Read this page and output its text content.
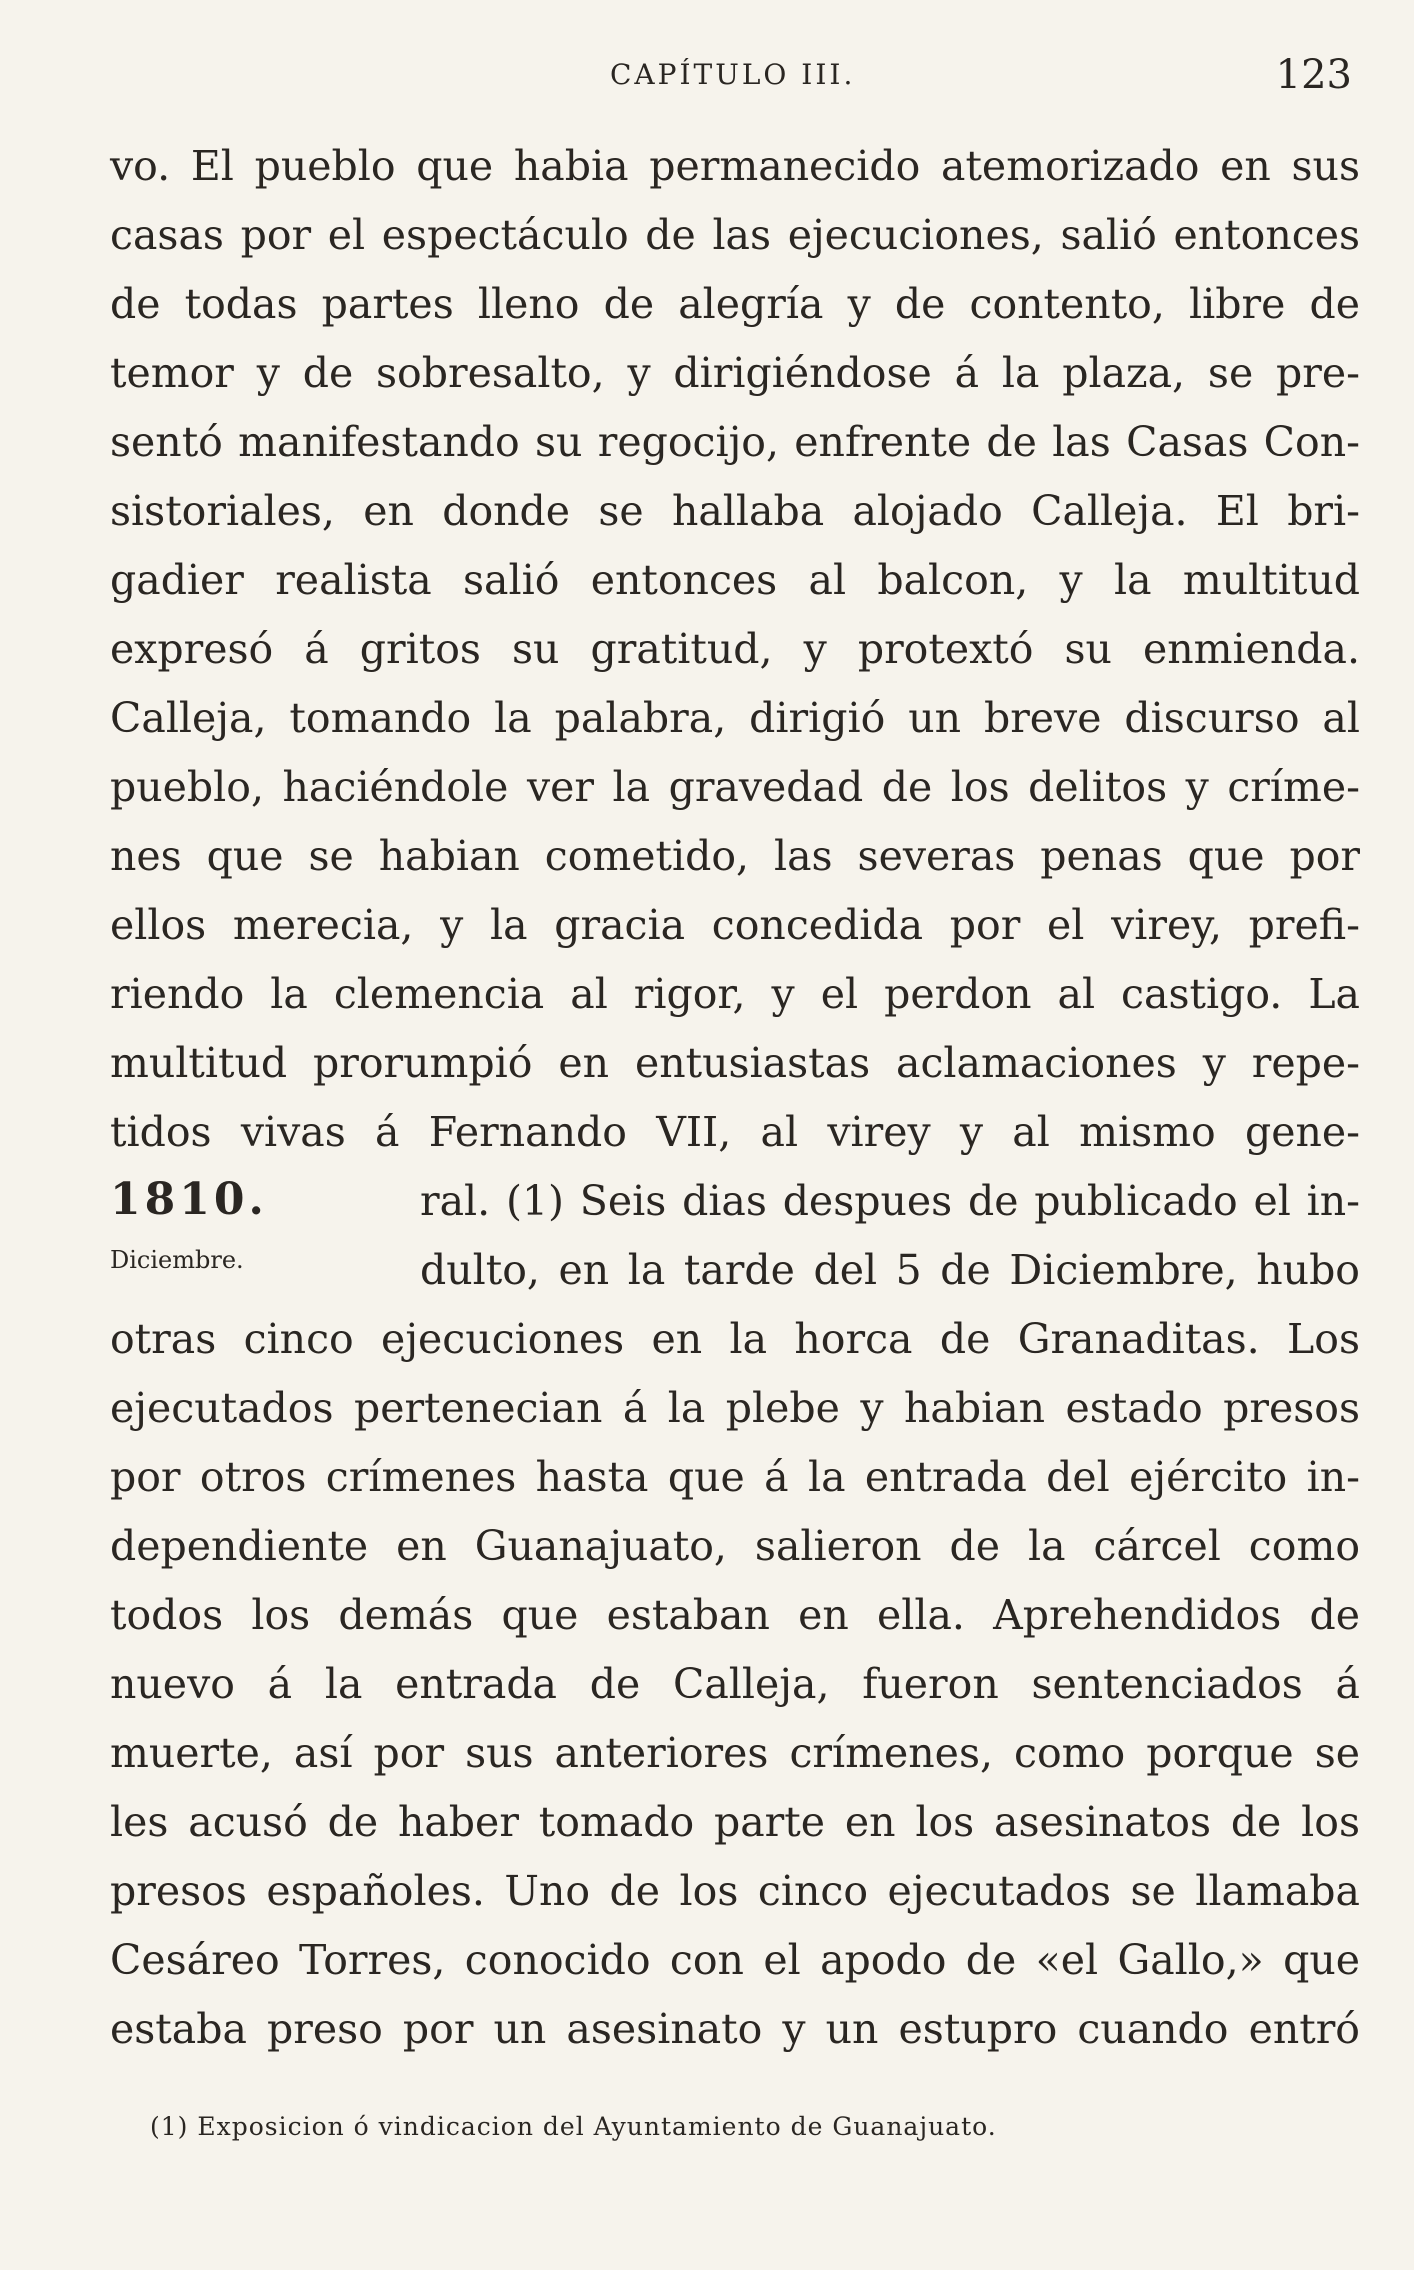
CAPÍTULO III.	123
1810.
Diciembre.
vo. El pueblo que habia permanecido atemorizado en sus
casas por el espectáculo de las ejecuciones, salió entonces
de todas partes lleno de alegría y de contento, libre de
temor y de sobresalto, y dirigiéndose á la plaza, se pre-
sentó manifestando su regocijo, enfrente de las Casas Con-
sistoriales, en donde se hallaba alojado Calleja. El bri-
gadier realista salió entonces al balcon, y la multitud
expresó á gritos su gratitud, y protextó su enmienda.
Calleja, tomando la palabra, dirigió un breve discurso al
pueblo, haciéndole ver la gravedad de los delitos y críme-
nes que se habian cometido, las severas penas que por
ellos merecia, y la gracia concedida por el virey, prefi-
riendo la clemencia al rigor, y el perdon al castigo. La
multitud prorumpió en entusiastas aclamaciones y repe-
tidos vivas á Fernando VII, al virey y al mismo gene-
ral. (1) Seis dias despues de publicado el in-
dulto, en la tarde del 5 de Diciembre, hubo
otras cinco ejecuciones en la horca de Granaditas. Los
ejecutados pertenecian á la plebe y habian estado presos
por otros crímenes hasta que á la entrada del ejército in-
dependiente en Guanajuato, salieron de la cárcel como
todos los demás que estaban en ella. Aprehendidos de
nuevo á la entrada de Calleja, fueron sentenciados á
muerte, así por sus anteriores crímenes, como porque se
les acusó de haber tomado parte en los asesinatos de los
presos españoles. Uno de los cinco ejecutados se llamaba
Cesáreo Torres, conocido con el apodo de «el Gallo,» que
estaba preso por un asesinato y un estupro cuando entró
(1) Exposicion ó vindicacion del Ayuntamiento de Guanajuato.
